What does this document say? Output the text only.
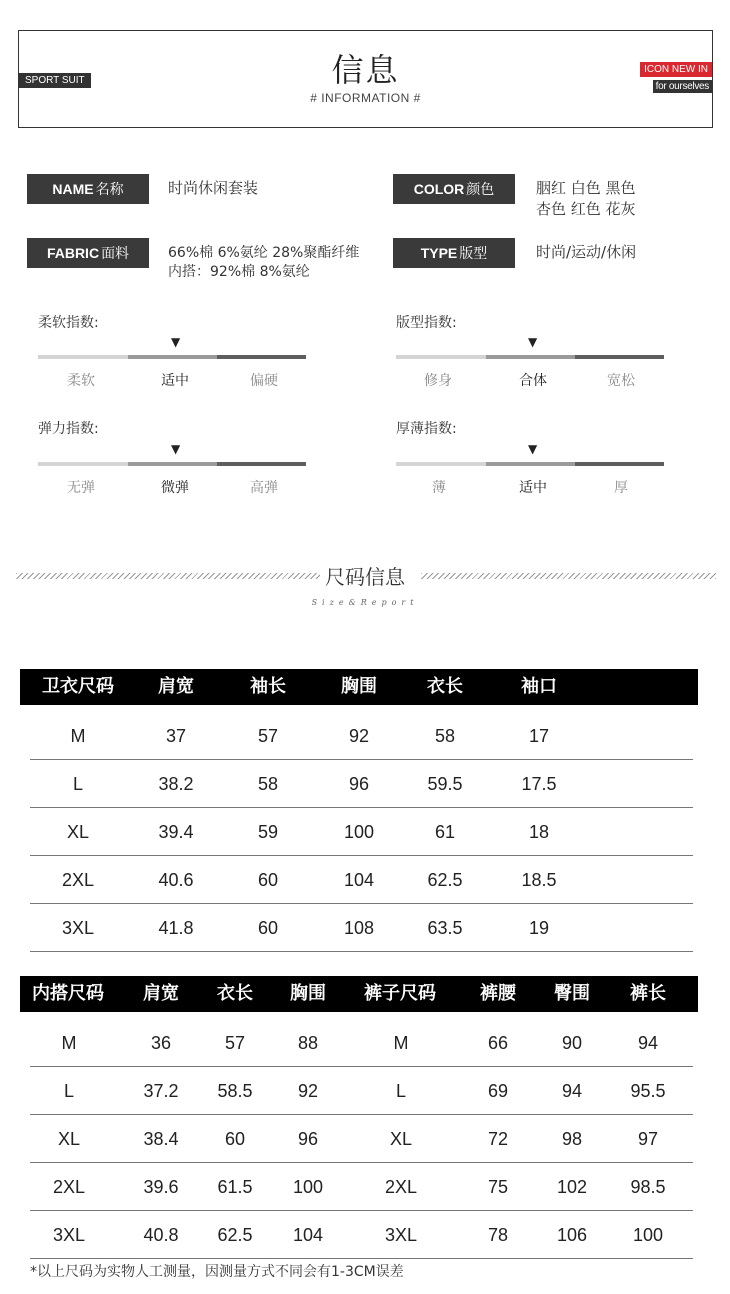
SPORT SUIT	信息
# INFORMATION #
ICON NEW IN
for ourselves
NAME 名称	时尚休闲套装	COLOR 颜色	胭红 白色 黑色
杏色 红色 花灰
FABRIC 面料	66%棉 6%氨纶 28%聚酯纤维
内搭：92%棉 8%氨纶
TYPE 版型	时尚/运动/休闲
柔软指数:
▼
柔软	适中	偏硬
版型指数:
▼
修身	合体	宽松
弹力指数:
▼
无弹	微弹	高弹
厚薄指数:
▼
薄	适中	厚
尺码信息
Size&Report
卫衣尺码	肩宽	袖长	胸围	衣长	袖口
M	37	57	92	58	17
L	38.2	58	96	59.5	17.5
XL	39.4	59	100	61	18
2XL	40.6	60	104	62.5	18.5
3XL	41.8	60	108	63.5	19
内搭尺码	肩宽	衣长	胸围	裤子尺码	裤腰	臀围	裤长
M	36	57	88	M	66	90	94
L	37.2	58.5	92	L	69	94	95.5
XL	38.4	60	96	XL	72	98	97
2XL	39.6	61.5	100	2XL	75	102	98.5
3XL	40.8	62.5	104	3XL	78	106	100
*以上尺码为实物人工测量，因测量方式不同会有1-3CM误差
